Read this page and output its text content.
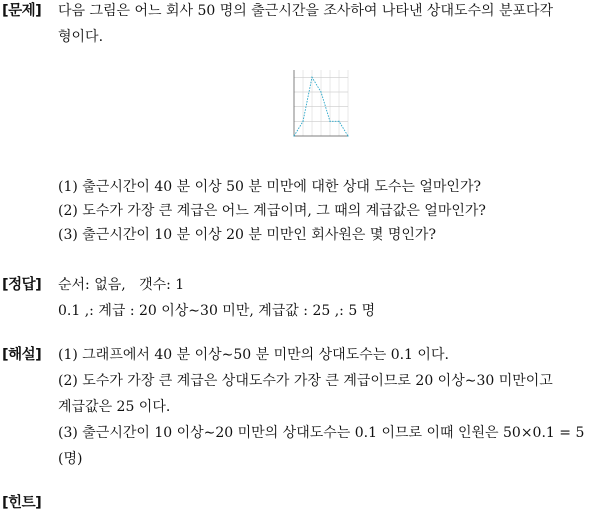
[문제] 다음 그림은 어느 회사 50 명의 출근시간을 조사하여 나타낸 상대도수의 분포다각
형이다.
(1) 출근시간이 40 분 이상 50 분 미만에 대한 상대 도수는 얼마인가?
(2) 도수가 가장 큰 계급은 어느 계급이며, 그 때의 계급값은 얼마인가?
(3) 출근시간이 10 분 이상 20 분 미만인 회사원은 몇 명인가?
[정답] 순서: 없음,   갯수: 1
0.1 ,: 계급 : 20 이상∼30 미만, 계급값 : 25 ,: 5 명
[해설] (1) 그래프에서 40 분 이상∼50 분 미만의 상대도수는 0.1 이다.
(2) 도수가 가장 큰 계급은 상대도수가 가장 큰 계급이므로 20 이상∼30 미만이고
계급값은 25 이다.
(3) 출근시간이 10 이상∼20 미만의 상대도수는 0.1 이므로 이때 인원은 50×0.1 = 5
(명)
[힌트]
